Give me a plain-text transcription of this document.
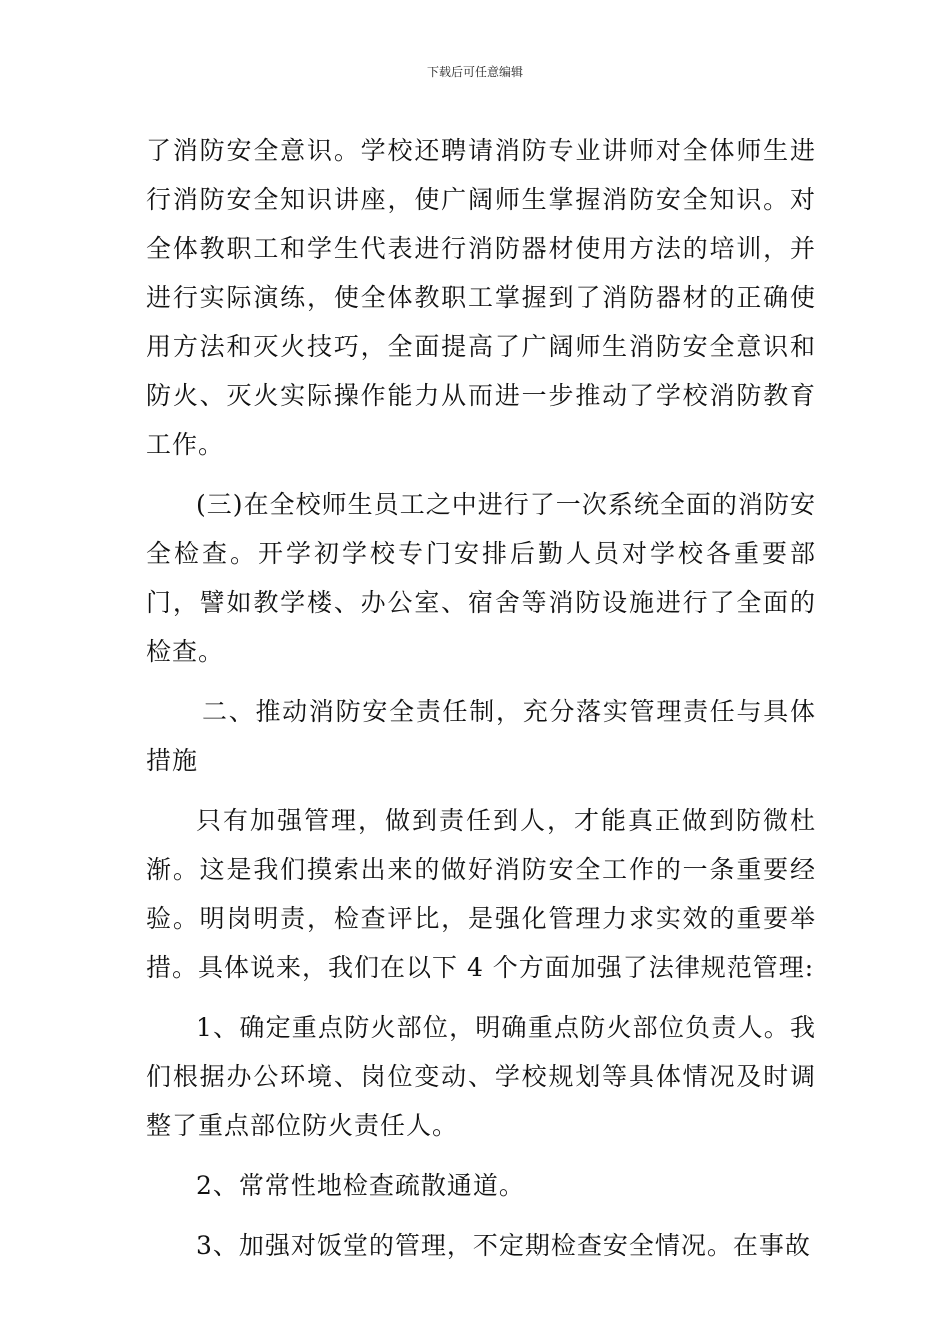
下载后可任意编辑

了消防安全意识。学校还聘请消防专业讲师对全体师生进行消防安全知识讲座，使广阔师生掌握消防安全知识。对全体教职工和学生代表进行消防器材使用方法的培训，并进行实际演练，使全体教职工掌握到了消防器材的正确使用方法和灭火技巧，全面提高了广阔师生消防安全意识和防火、灭火实际操作能力从而进一步推动了学校消防教育工作。

(三)在全校师生员工之中进行了一次系统全面的消防安全检查。开学初学校专门安排后勤人员对学校各重要部门，譬如教学楼、办公室、宿舍等消防设施进行了全面的检查。

二、推动消防安全责任制，充分落实管理责任与具体措施

只有加强管理，做到责任到人，才能真正做到防微杜渐。这是我们摸索出来的做好消防安全工作的一条重要经验。明岗明责，检查评比，是强化管理力求实效的重要举措。具体说来，我们在以下 4 个方面加强了法律规范管理:

1、确定重点防火部位，明确重点防火部位负责人。我们根据办公环境、岗位变动、学校规划等具体情况及时调整了重点部位防火责任人。

2、常常性地检查疏散通道。

3、加强对饭堂的管理，不定期检查安全情况。在事故
